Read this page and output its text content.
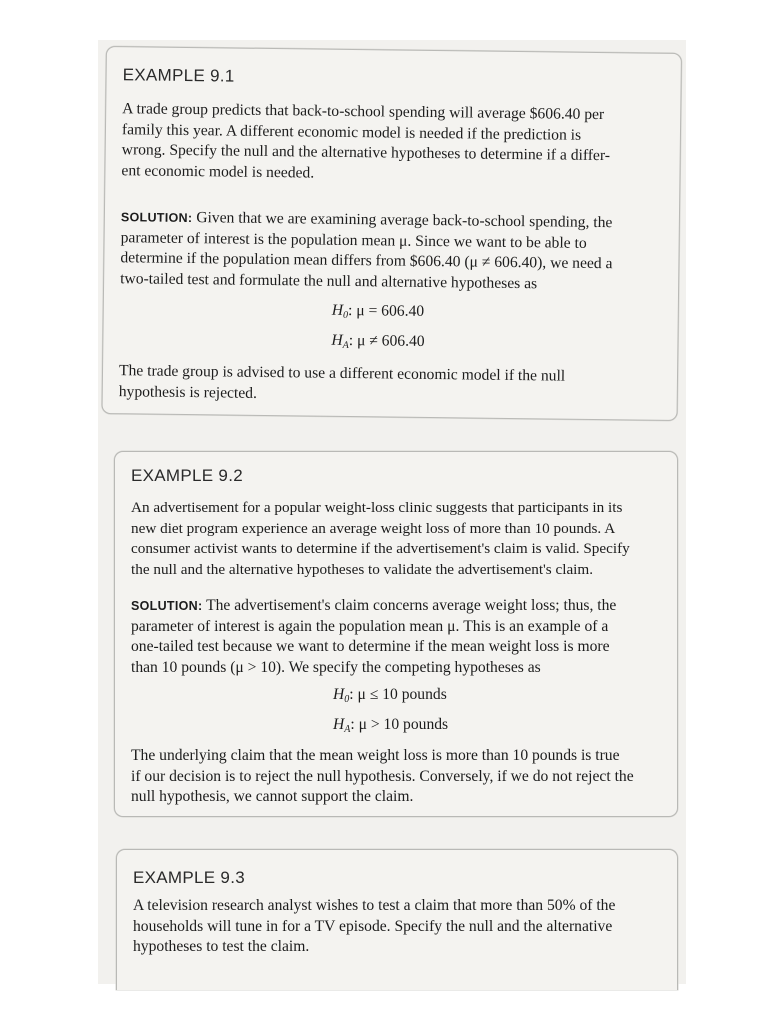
EXAMPLE 9.1

A trade group predicts that back-to-school spending will average $606.40 per

family this year. A different economic model is needed if the prediction is

wrong. Specify the null and the alternative hypotheses to determine if a differ-

ent economic model is needed.

SOLUTION: Given that we are examining average back-to-school spending, the

parameter of interest is the population mean μ. Since we want to be able to

determine if the population mean differs from $606.40 (μ ≠ 606.40), we need a

two-tailed test and formulate the null and alternative hypotheses as

$H_0$: μ = 606.40
$H_A$: μ ≠ 606.40

The trade group is advised to use a different economic model if the null

hypothesis is rejected.

EXAMPLE 9.2

An advertisement for a popular weight-loss clinic suggests that participants in its

new diet program experience an average weight loss of more than 10 pounds. A

consumer activist wants to determine if the advertisement's claim is valid. Specify

the null and the alternative hypotheses to validate the advertisement's claim.

SOLUTION: The advertisement's claim concerns average weight loss; thus, the

parameter of interest is again the population mean μ. This is an example of a

one-tailed test because we want to determine if the mean weight loss is more

than 10 pounds (μ > 10). We specify the competing hypotheses as

$H_0$: μ ≤ 10 pounds
$H_A$: μ > 10 pounds

The underlying claim that the mean weight loss is more than 10 pounds is true

if our decision is to reject the null hypothesis. Conversely, if we do not reject the

null hypothesis, we cannot support the claim.

EXAMPLE 9.3

A television research analyst wishes to test a claim that more than 50% of the

households will tune in for a TV episode. Specify the null and the alternative

hypotheses to test the claim.
